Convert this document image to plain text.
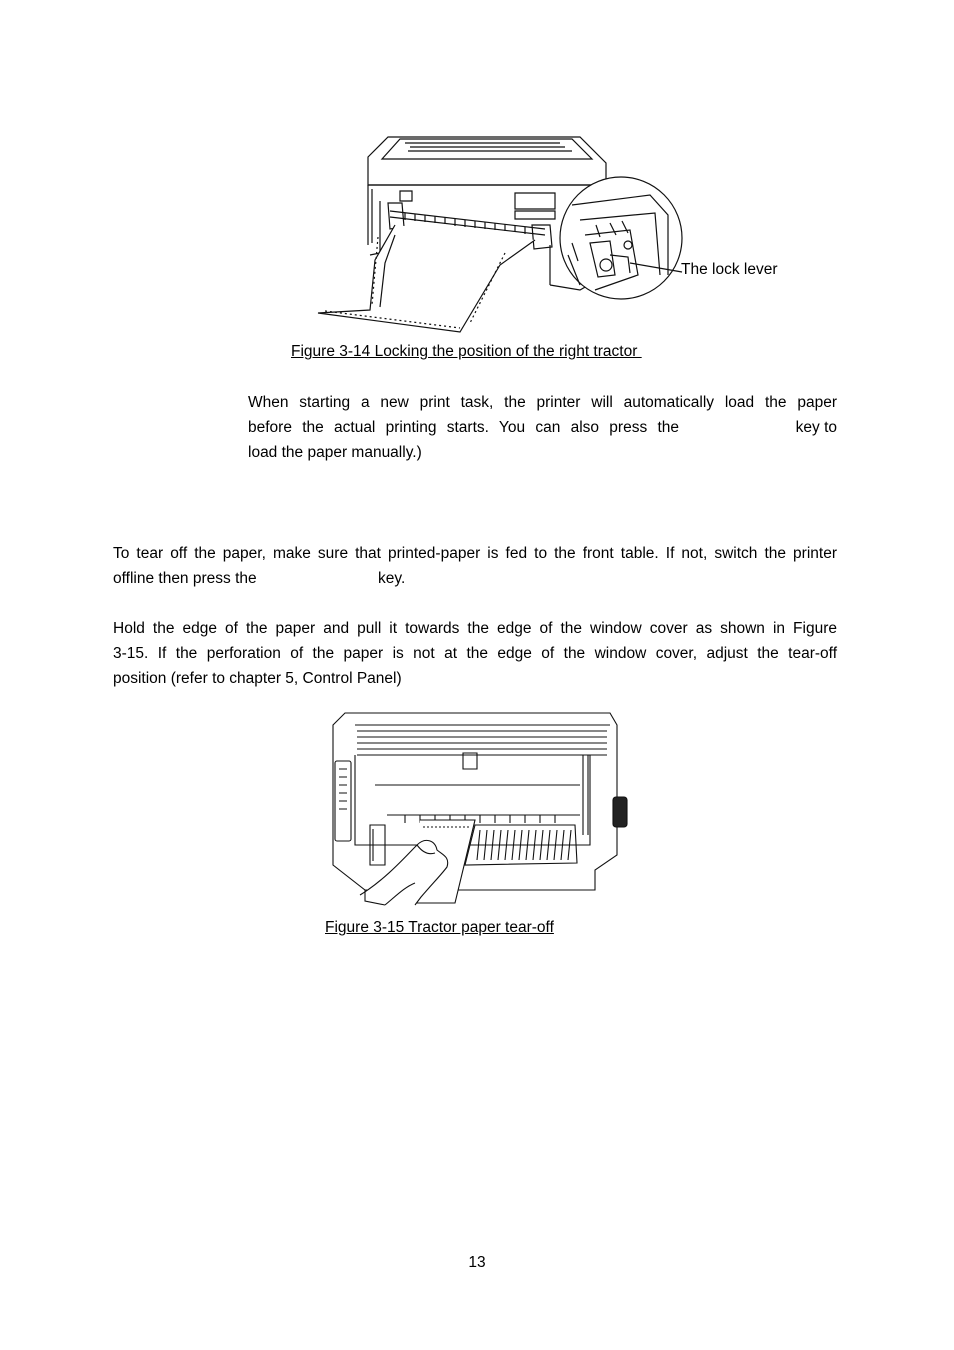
The lock lever
Figure 3-14 Locking the position of the right tractor
When starting a new print task, the printer will automatically load the paper
before the actual printing starts. You can also press the	key to
load the paper manually.)
To tear off the paper, make sure that printed-paper is fed to the front table. If not, switch the printer
offline then press the	key.
Hold the edge of the paper and pull it towards the edge of the window cover as shown in Figure
3-15. If the perforation of the paper is not at the edge of the window cover, adjust the tear-off
position (refer to chapter 5, Control Panel)
Figure 3-15 Tractor paper tear-off
13
